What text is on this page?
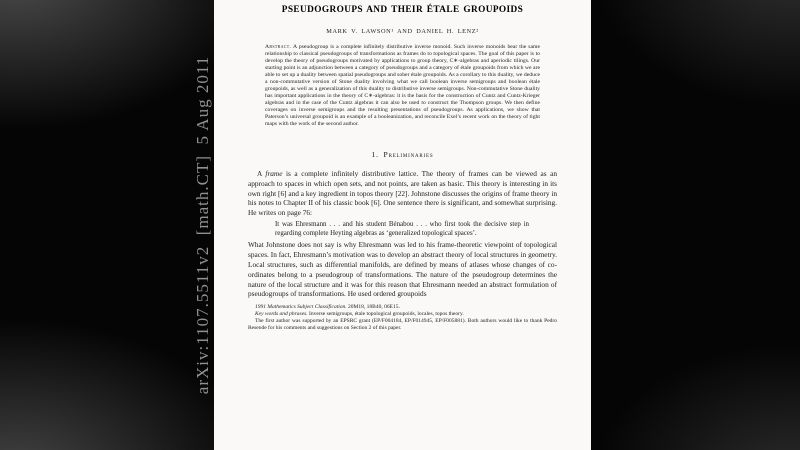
arXiv:1107.5511v2  [math.CT]  5 Aug 2011
PSEUDOGROUPS AND THEIR ÉTALE GROUPOIDS
MARK V. LAWSON¹ AND DANIEL H. LENZ²

Abstract. A pseudogroup is a complete infinitely distributive inverse monoid. Such inverse monoids bear the same relationship to classical pseudogroups of transformations as frames do to topological spaces. The goal of this paper is to develop the theory of pseudogroups motivated by applications to group theory, C∗-algebras and aperiodic tilings. Our starting point is an adjunction between a category of pseudogroups and a category of étale groupoids from which we are able to set up a duality between spatial pseudogroups and sober étale groupoids. As a corollary to this duality, we deduce a non-commutative version of Stone duality involving what we call boolean inverse semigroups and boolean étale groupoids, as well as a generalization of this duality to distributive inverse semigroups. Non-commutative Stone duality has important applications in the theory of C∗-algebras: it is the basis for the construction of Cuntz and Cuntz-Krieger algebras and in the case of the Cuntz algebras it can also be used to construct the Thompson groups. We then define coverages on inverse semigroups and the resulting presentations of pseudogroups. As applications, we show that Paterson’s universal groupoid is an example of a booleanization, and reconcile Exel’s recent work on the theory of tight maps with the work of the second author.

1. Preliminaries

A frame is a complete infinitely distributive lattice. The theory of frames can be viewed as an approach to spaces in which open sets, and not points, are taken as basic. This theory is interesting in its own right [6] and a key ingredient in topos theory [22]. Johnstone discusses the origins of frame theory in his notes to Chapter II of his classic book [6]. One sentence there is significant, and somewhat surprising. He writes on page 76:

It was Ehresmann . . . and his student Bénabou . . . who first took the decisive step in regarding complete Heyting algebras as ‘generalized topological spaces’.

What Johnstone does not say is why Ehresmann was led to his frame-theoretic viewpoint of topological spaces. In fact, Ehresmann’s motivation was to develop an abstract theory of local structures in geometry. Local structures, such as differential manifolds, are defined by means of atlases whose changes of co-ordinates belong to a pseudogroup of transformations. The nature of the pseudogroup determines the nature of the local structure and it was for this reason that Ehresmann needed an abstract formulation of pseudogroups of transformations. He used ordered groupoids

1991 Mathematics Subject Classification. 20M18, 18B40, 06E15.

Key words and phrases. Inverse semigroups, étale topological groupoids, locales, topos theory.

The first author was supported by an EPSRC grant (EP/F004184, EP/F014945, EP/F005881). Both authors would like to thank Pedro Resende for his comments and suggestions on Section 2 of this paper.
